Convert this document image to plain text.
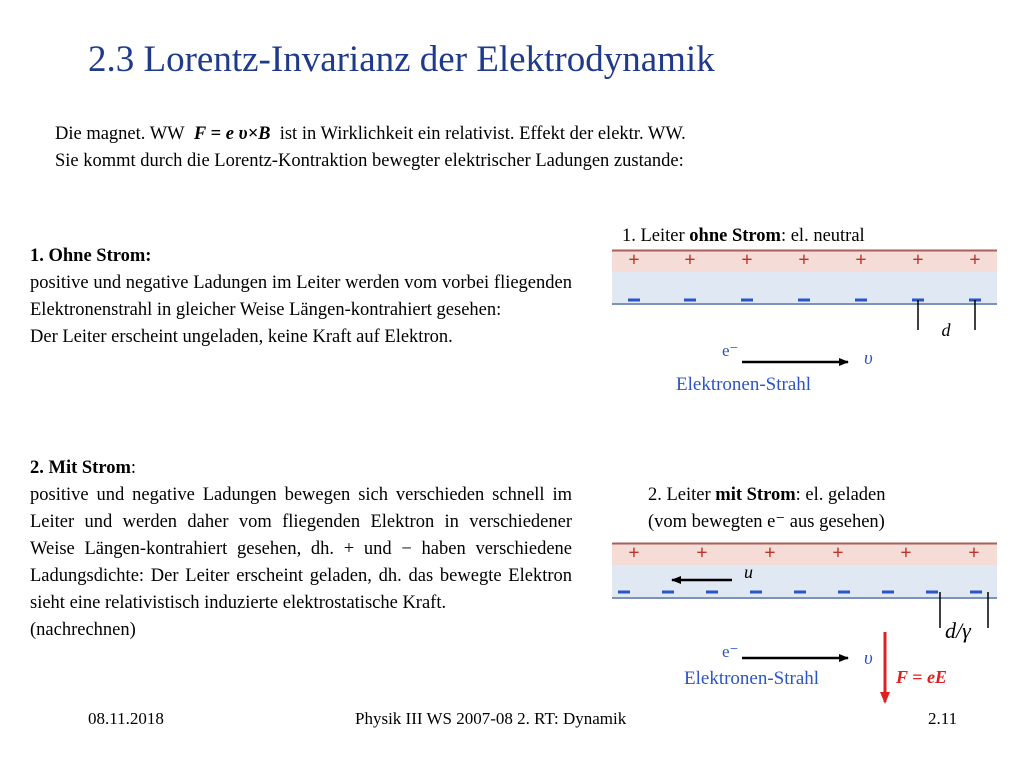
2.3 Lorentz-Invarianz der Elektrodynamik
Die magnet. WW F = e υ×B ist in Wirklichkeit ein relativist. Effekt der elektr. WW.
Sie kommt durch die Lorentz-Kontraktion bewegter elektrischer Ladungen zustande:

1. Ohne Strom:

positive und negative Ladungen im Leiter werden vom vorbei fliegenden Elektronenstrahl in gleicher Weise Längen-kontrahiert gesehen:

Der Leiter erscheint ungeladen, keine Kraft auf Elektron.

2. Mit Strom:

positive und negative Ladungen bewegen sich verschieden schnell im Leiter und werden daher vom fliegenden Elektron in verschiedener Weise Längen-kontrahiert gesehen, dh. + und − haben verschiedene Ladungsdichte: Der Leiter erscheint geladen, dh. das bewegte Elektron sieht eine relativistisch induzierte elektrostatische Kraft.

(nachrechnen)

1. Leiter ohne Strom: el. neutral
+ + + + + + +
d
e⁻	υ
Elektronen-Strahl
+	+	+	+	+	+
u
d/γ
e⁻	υ
Elektronen-Strahl	F = eE
2. Leiter mit Strom: el. geladen
(vom bewegten e⁻ aus gesehen)
08.11.2018	Physik III WS 2007-08 2. RT: Dynamik	2.11
